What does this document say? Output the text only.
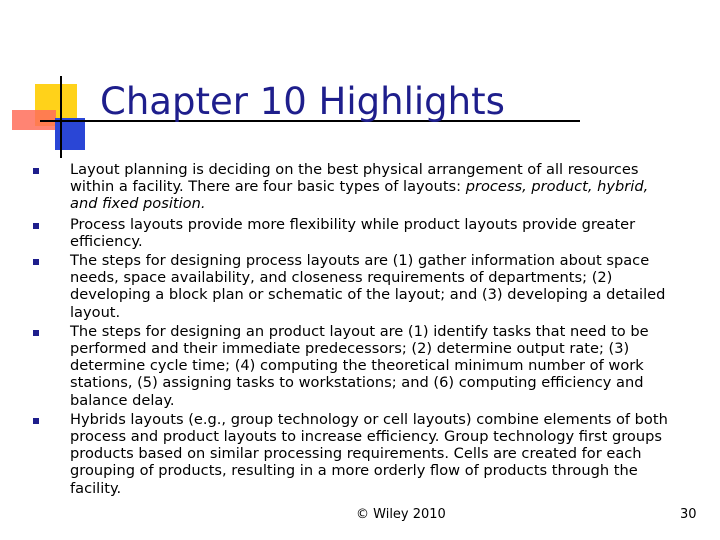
Chapter 10 Highlights
Layout planning is deciding on the best physical arrangement of all resources within a facility. There are four basic types of layouts: process, product, hybrid, and fixed position.
Process layouts provide more flexibility while product layouts provide greater efficiency.
The steps for designing process layouts are (1) gather information about space needs, space availability, and closeness requirements of departments; (2) developing a block plan or schematic of the layout; and (3) developing a detailed layout.
The steps for designing an product layout are (1) identify tasks that need to be performed and their immediate predecessors; (2) determine output rate; (3) determine cycle time; (4) computing the theoretical minimum number of work stations, (5) assigning tasks to workstations; and (6) computing efficiency and balance delay.
Hybrids layouts (e.g., group technology or cell layouts) combine elements of both process and product layouts to increase efficiency. Group technology first groups products based on similar processing requirements. Cells are created for each grouping of products, resulting in a more orderly flow of products through the facility.
© Wiley 2010	30
